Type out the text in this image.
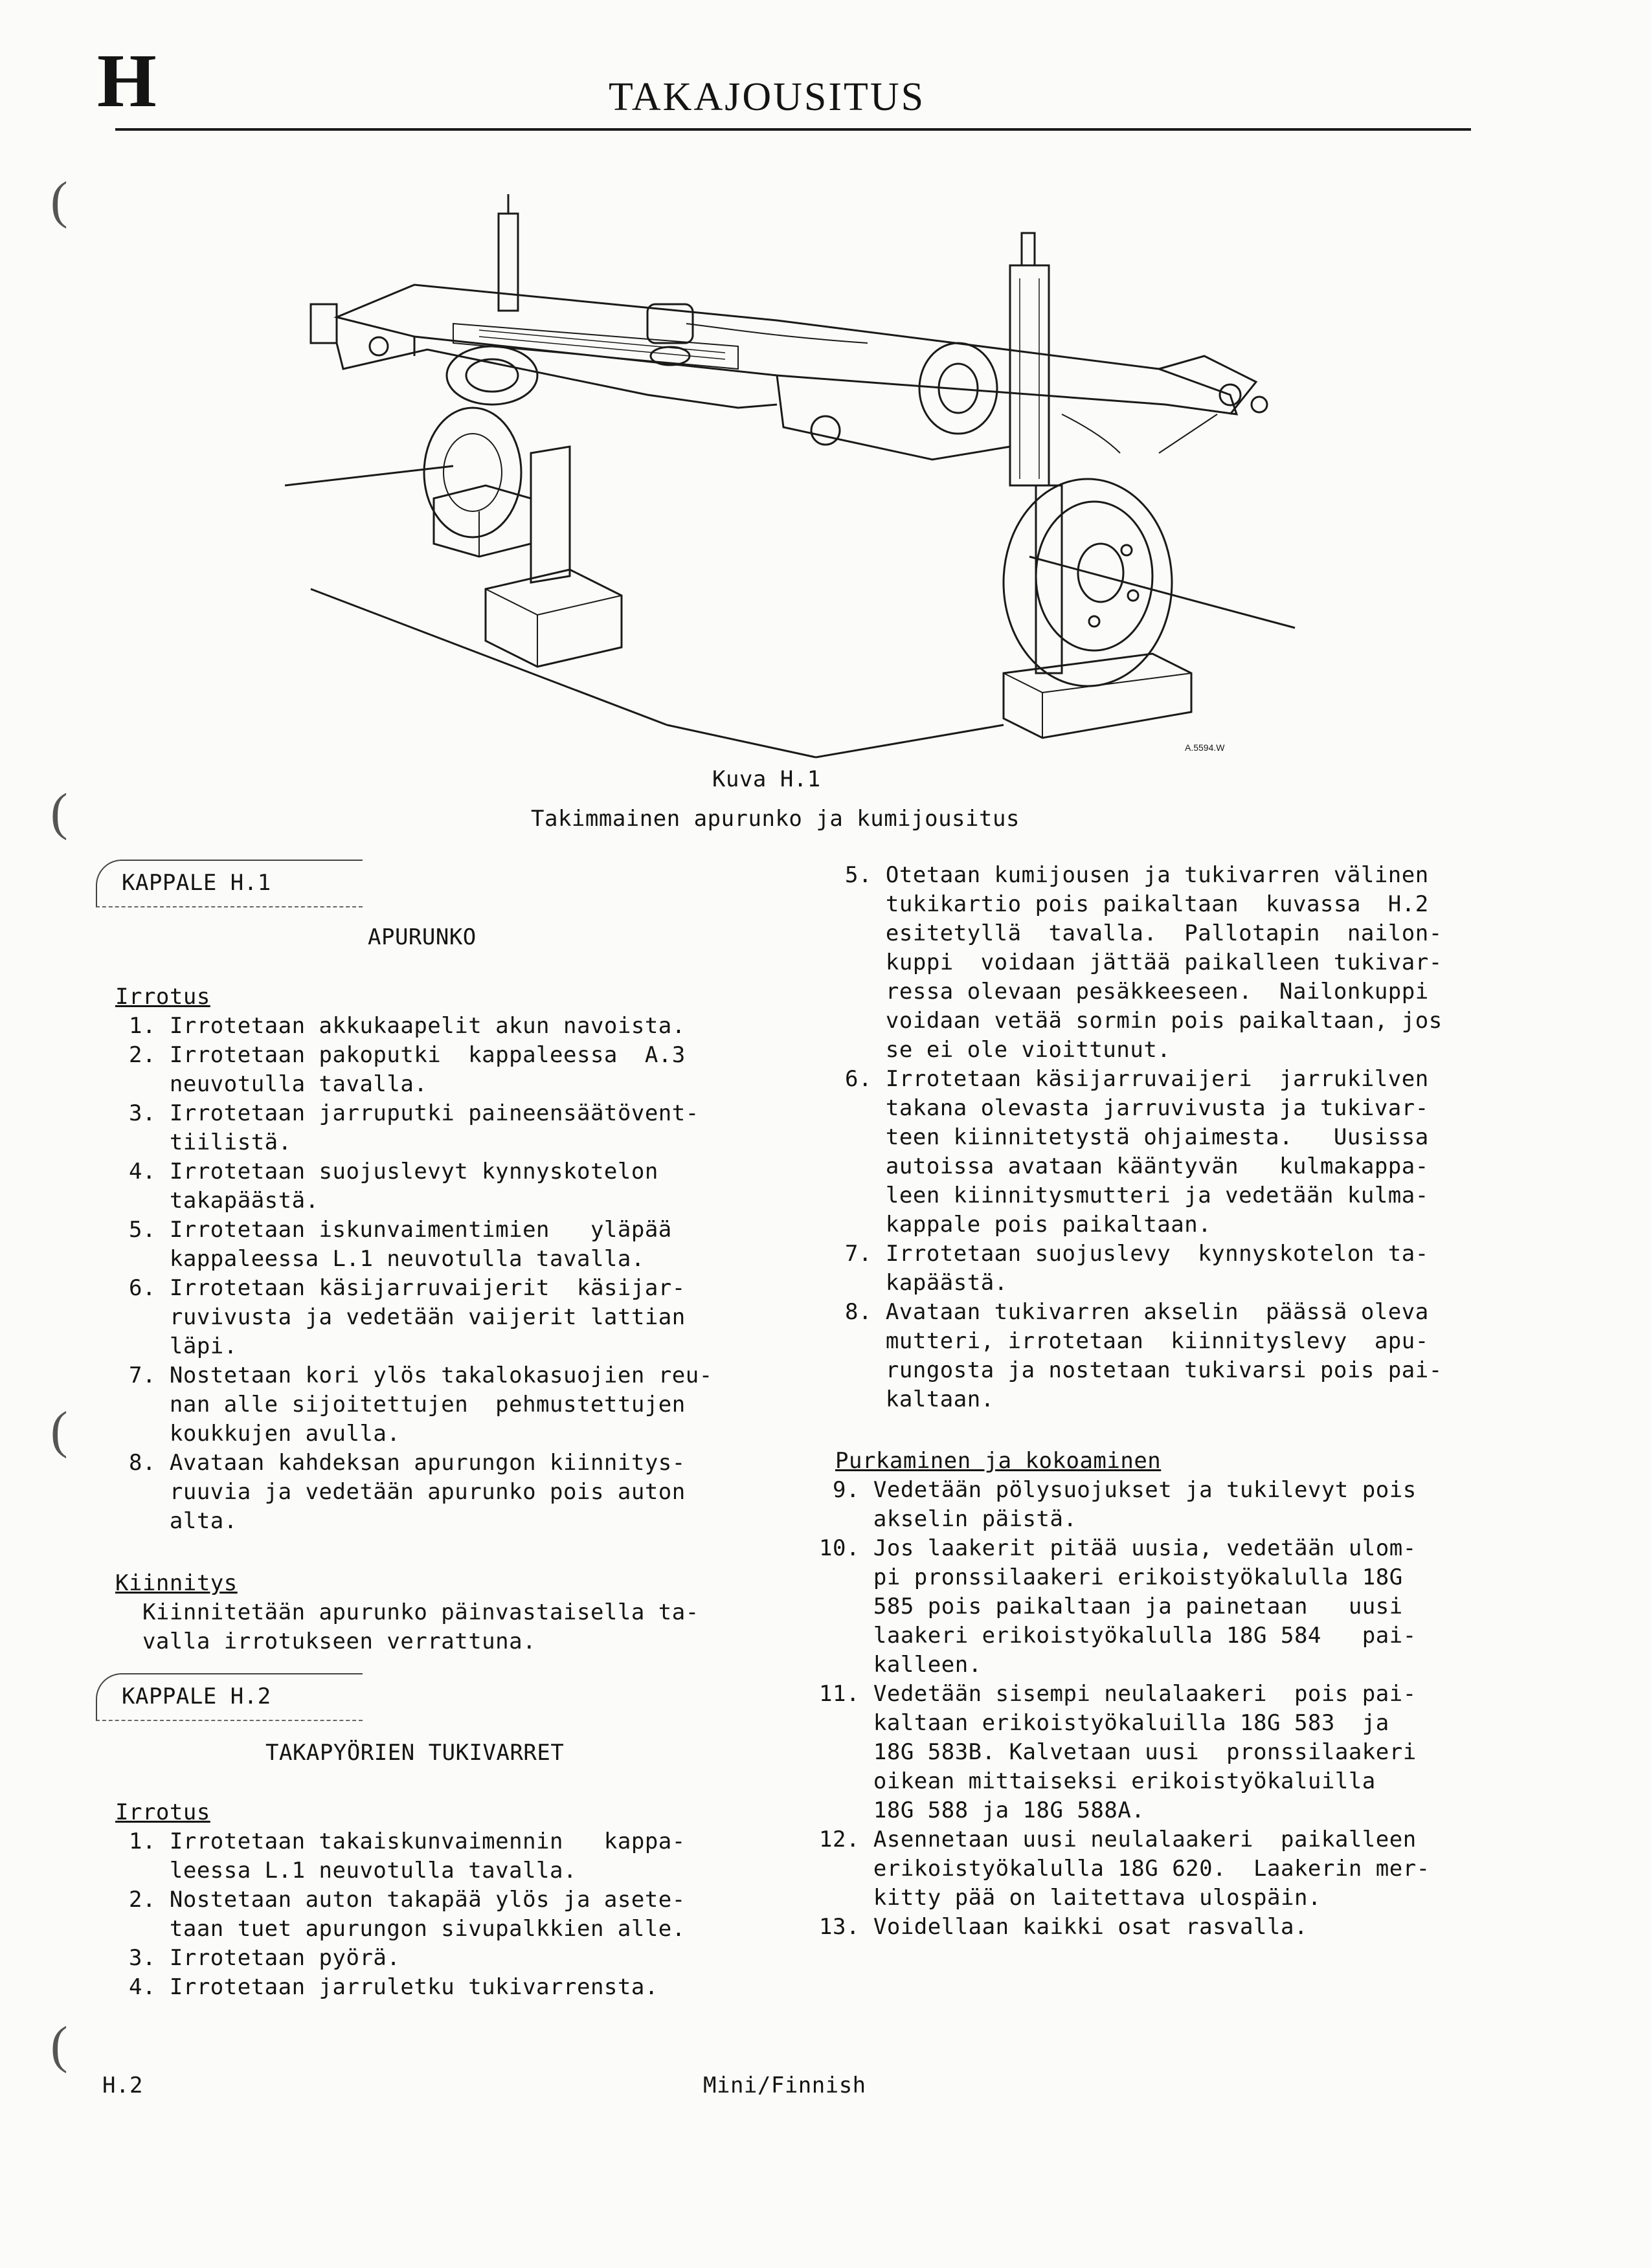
H	TAKAJOUSITUS
(
(
(
(
A.5594.W
Kuva H.1
Takimmainen apurunko ja kumijousitus
KAPPALE H.1
APURUNKO
Irrotus
1. Irrotetaan akkukaapelit akun navoista.
2. Irrotetaan pakoputki  kappaleessa  A.3
neuvotulla tavalla.
3. Irrotetaan jarruputki paineensäätövent-
tiilistä.
4. Irrotetaan suojuslevyt kynnyskotelon
takapäästä.
5. Irrotetaan iskunvaimentimien   yläpää
kappaleessa L.1 neuvotulla tavalla.
6. Irrotetaan käsijarruvaijerit  käsijar-
ruvivusta ja vedetään vaijerit lattian
läpi.
7. Nostetaan kori ylös takalokasuojien reu-
nan alle sijoitettujen  pehmustettujen
koukkujen avulla.
8. Avataan kahdeksan apurungon kiinnitys-
ruuvia ja vedetään apurunko pois auton
alta.
Kiinnitys
Kiinnitetään apurunko päinvastaisella ta-
valla irrotukseen verrattuna.
KAPPALE H.2
TAKAPYÖRIEN TUKIVARRET
Irrotus
1. Irrotetaan takaiskunvaimennin   kappa-
leessa L.1 neuvotulla tavalla.
2. Nostetaan auton takapää ylös ja asete-
taan tuet apurungon sivupalkkien alle.
3. Irrotetaan pyörä.
4. Irrotetaan jarruletku tukivarrensta.
5. Otetaan kumijousen ja tukivarren välinen
tukikartio pois paikaltaan  kuvassa  H.2
esitetyllä  tavalla.  Pallotapin  nailon-
kuppi  voidaan jättää paikalleen tukivar-
ressa olevaan pesäkkeeseen.  Nailonkuppi
voidaan vetää sormin pois paikaltaan, jos
se ei ole vioittunut.
6. Irrotetaan käsijarruvaijeri  jarrukilven
takana olevasta jarruvivusta ja tukivar-
teen kiinnitetystä ohjaimesta.   Uusissa
autoissa avataan kääntyvän   kulmakappa-
leen kiinnitysmutteri ja vedetään kulma-
kappale pois paikaltaan.
7. Irrotetaan suojuslevy  kynnyskotelon ta-
kapäästä.
8. Avataan tukivarren akselin  päässä oleva
mutteri, irrotetaan  kiinnityslevy  apu-
rungosta ja nostetaan tukivarsi pois pai-
kaltaan.
Purkaminen ja kokoaminen
9. Vedetään pölysuojukset ja tukilevyt pois
akselin päistä.
10. Jos laakerit pitää uusia, vedetään ulom-
pi pronssilaakeri erikoistyökalulla 18G
585 pois paikaltaan ja painetaan   uusi
laakeri erikoistyökalulla 18G 584   pai-
kalleen.
11. Vedetään sisempi neulalaakeri  pois pai-
kaltaan erikoistyökaluilla 18G 583  ja
18G 583B. Kalvetaan uusi  pronssilaakeri
oikean mittaiseksi erikoistyökaluilla
18G 588 ja 18G 588A.
12. Asennetaan uusi neulalaakeri  paikalleen
erikoistyökalulla 18G 620.  Laakerin mer-
kitty pää on laitettava ulospäin.
13. Voidellaan kaikki osat rasvalla.
H.2	Mini/Finnish
